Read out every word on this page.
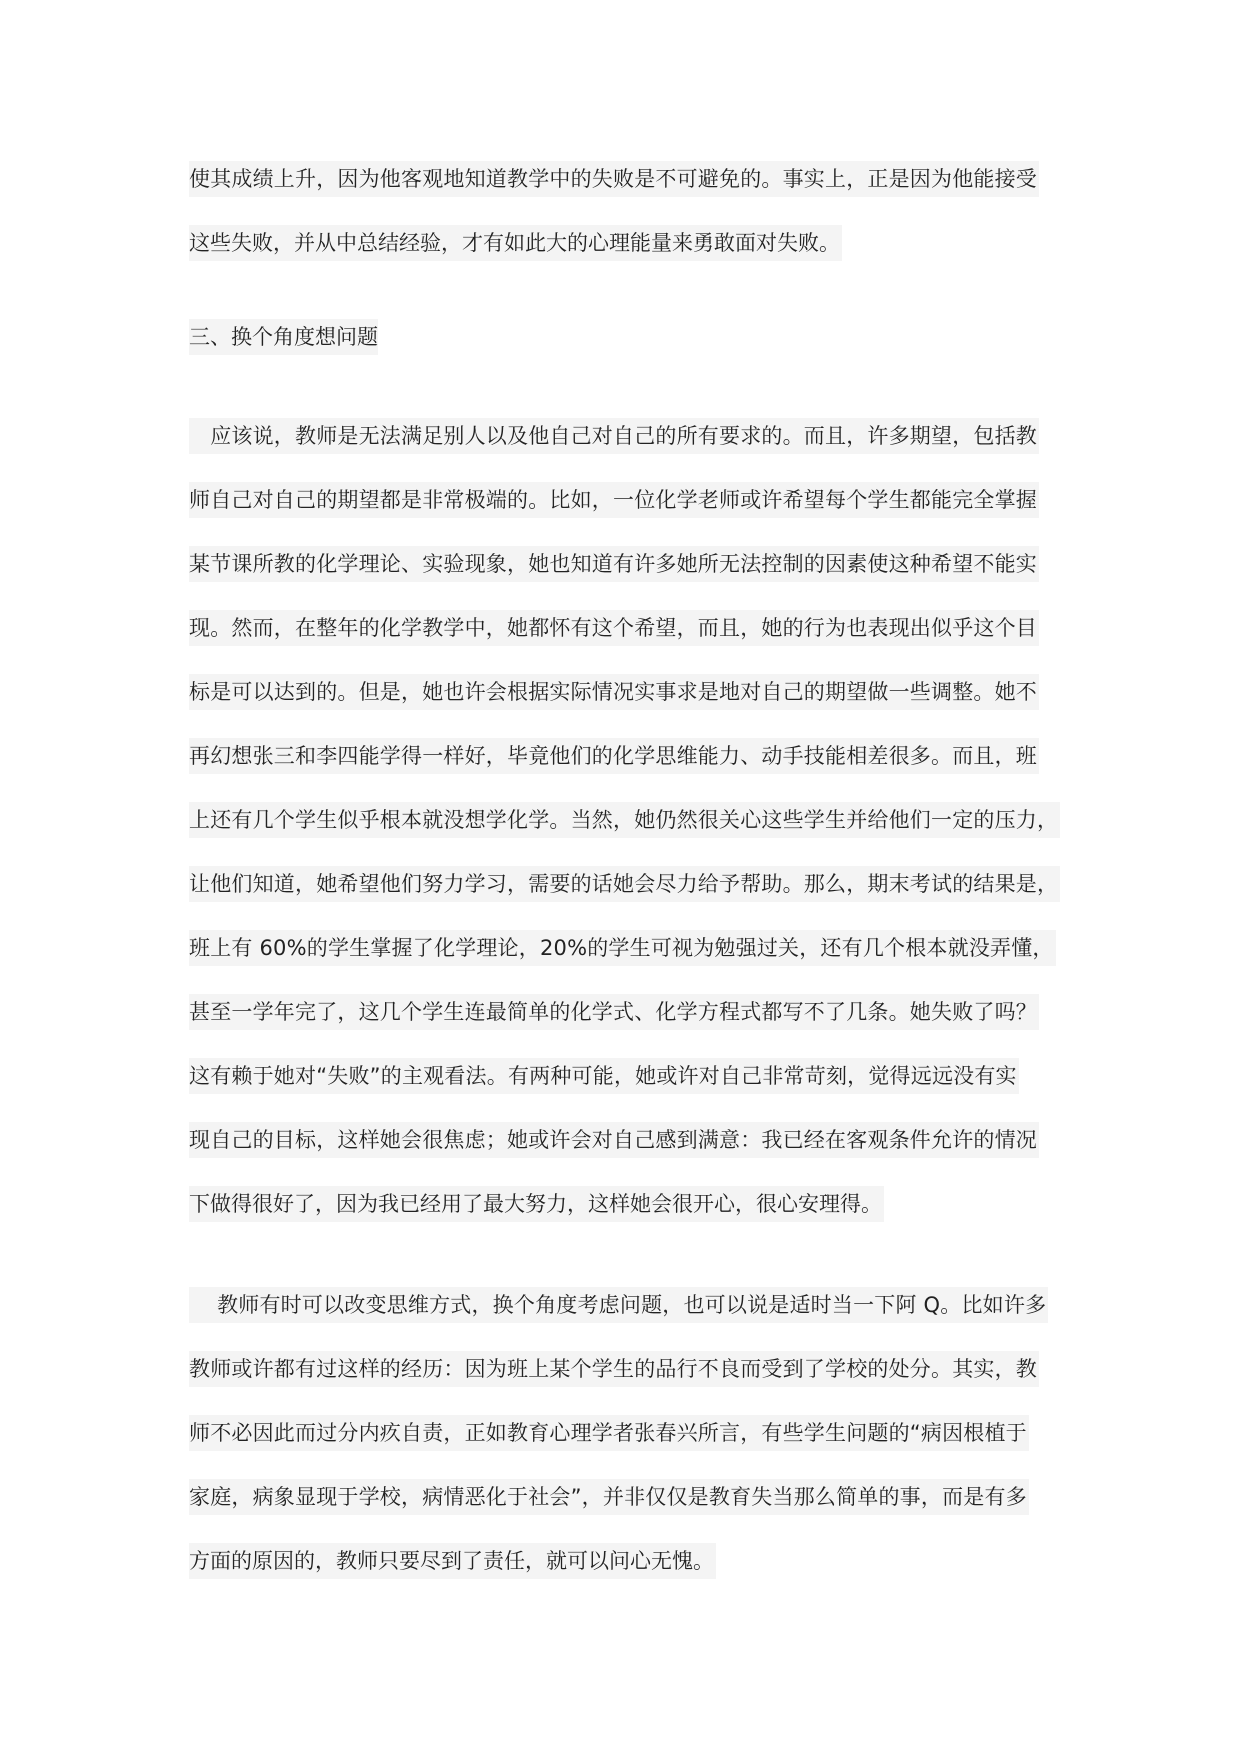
使其成绩上升，因为他客观地知道教学中的失败是不可避免的。事实上，正是因为他能接受
这些失败，并从中总结经验，才有如此大的心理能量来勇敢面对失败。
三、换个角度想问题
　应该说，教师是无法满足别人以及他自己对自己的所有要求的。而且，许多期望，包括教
师自己对自己的期望都是非常极端的。比如，一位化学老师或许希望每个学生都能完全掌握
某节课所教的化学理论、实验现象，她也知道有许多她所无法控制的因素使这种希望不能实
现。然而，在整年的化学教学中，她都怀有这个希望，而且，她的行为也表现出似乎这个目
标是可以达到的。但是，她也许会根据实际情况实事求是地对自己的期望做一些调整。她不
再幻想张三和李四能学得一样好，毕竟他们的化学思维能力、动手技能相差很多。而且，班
上还有几个学生似乎根本就没想学化学。当然，她仍然很关心这些学生并给他们一定的压力，
让他们知道，她希望他们努力学习，需要的话她会尽力给予帮助。那么，期末考试的结果是，
班上有 60%的学生掌握了化学理论，20%的学生可视为勉强过关，还有几个根本就没弄懂，
甚至一学年完了，这几个学生连最简单的化学式、化学方程式都写不了几条。她失败了吗？
这有赖于她对“失败”的主观看法。有两种可能，她或许对自己非常苛刻，觉得远远没有实
现自己的目标，这样她会很焦虑；她或许会对自己感到满意：我已经在客观条件允许的情况
下做得很好了，因为我已经用了最大努力，这样她会很开心，很心安理得。
　 教师有时可以改变思维方式，换个角度考虑问题，也可以说是适时当一下阿 Q。比如许多
教师或许都有过这样的经历：因为班上某个学生的品行不良而受到了学校的处分。其实，教
师不必因此而过分内疚自责，正如教育心理学者张春兴所言，有些学生问题的“病因根植于
家庭，病象显现于学校，病情恶化于社会”，并非仅仅是教育失当那么简单的事，而是有多
方面的原因的，教师只要尽到了责任，就可以问心无愧。
